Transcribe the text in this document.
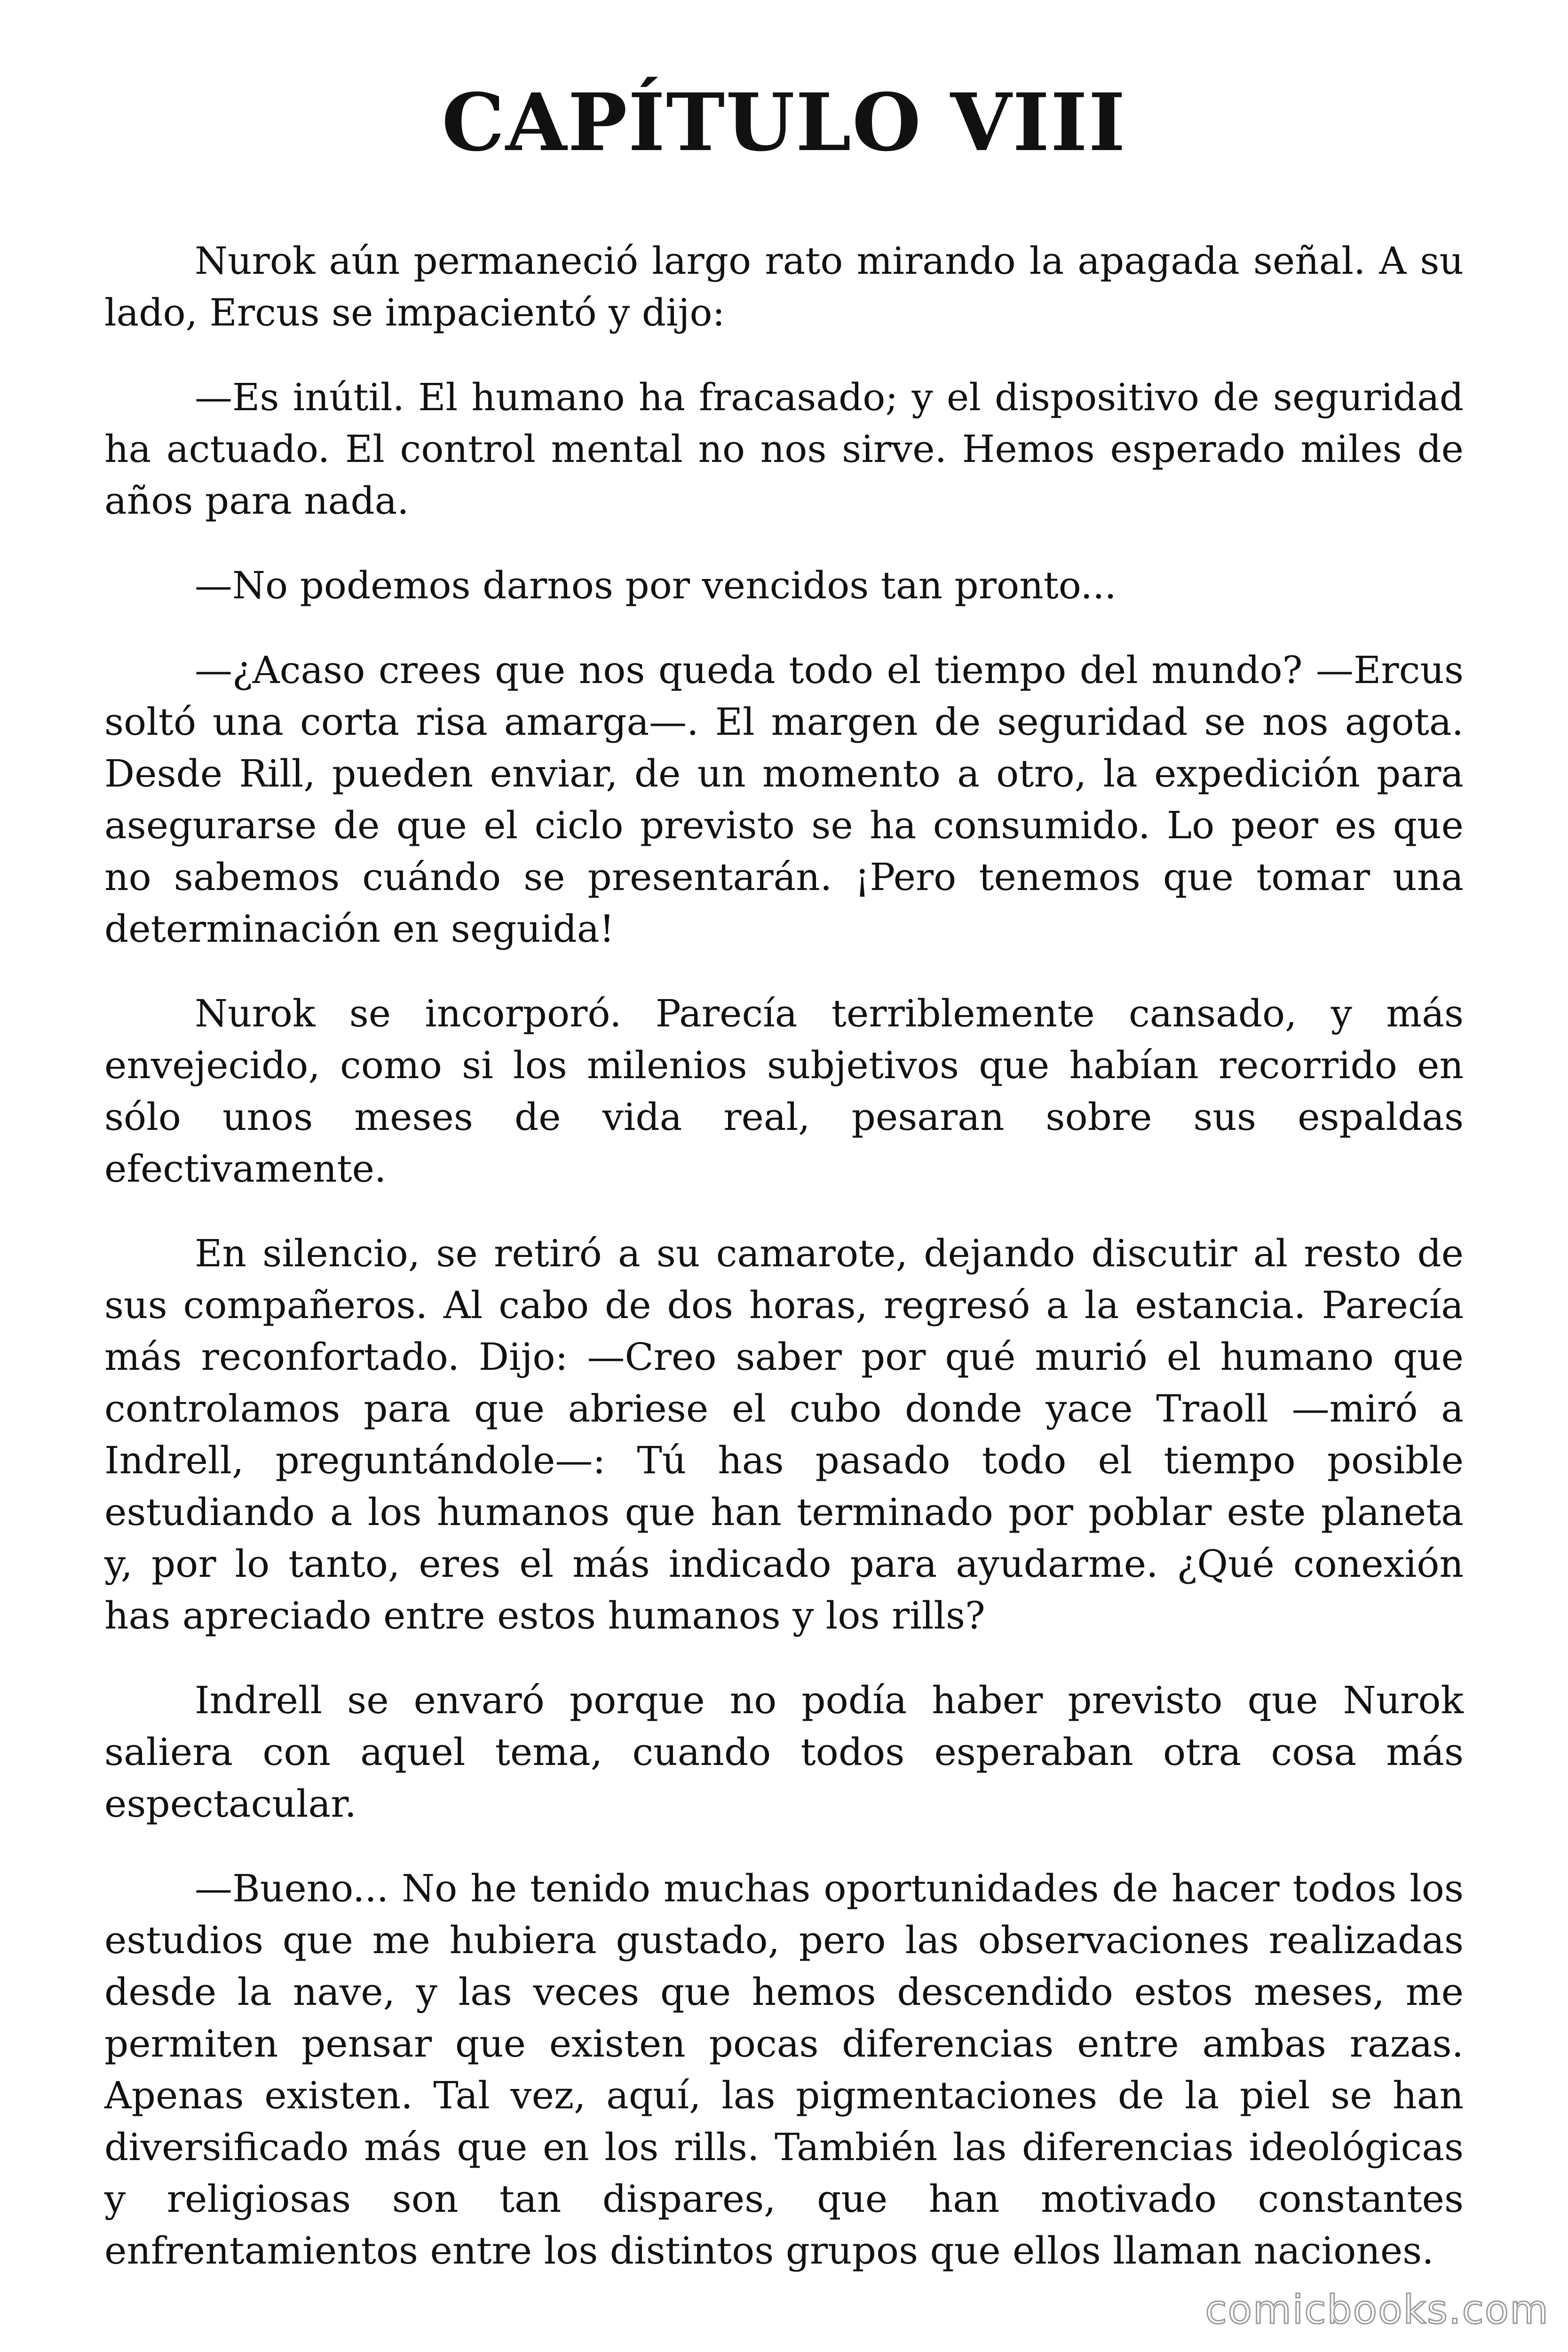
CAPÍTULO VIII

Nurok aún permaneció largo rato mirando la apagada señal. A su lado, Ercus se impacientó y dijo:

—Es inútil. El humano ha fracasado; y el dispositivo de seguridad ha actuado. El control mental no nos sirve. Hemos esperado miles de años para nada.

—No podemos darnos por vencidos tan pronto...

—¿Acaso crees que nos queda todo el tiempo del mundo? —Ercus soltó una corta risa amarga—. El margen de seguridad se nos agota. Desde Rill, pueden enviar, de un momento a otro, la expedición para asegurarse de que el ciclo previsto se ha consumido. Lo peor es que no sabemos cuándo se presentarán. ¡Pero tenemos que tomar una determinación en seguida!

Nurok se incorporó. Parecía terriblemente cansado, y más envejecido, como si los milenios subjetivos que habían recorrido en sólo unos meses de vida real, pesaran sobre sus espaldas efectivamente.

En silencio, se retiró a su camarote, dejando discutir al resto de sus compañeros. Al cabo de dos horas, regresó a la estancia. Parecía más reconfortado. Dijo: —Creo saber por qué murió el humano que controlamos para que abriese el cubo donde yace Traoll —miró a Indrell, preguntándole—: Tú has pasado todo el tiempo posible estudiando a los humanos que han terminado por poblar este planeta y, por lo tanto, eres el más indicado para ayudarme. ¿Qué conexión has apreciado entre estos humanos y los rills?

Indrell se envaró porque no podía haber previsto que Nurok saliera con aquel tema, cuando todos esperaban otra cosa más espectacular.

—Bueno... No he tenido muchas oportunidades de hacer todos los estudios que me hubiera gustado, pero las observaciones realizadas desde la nave, y las veces que hemos descendido estos meses, me permiten pensar que existen pocas diferencias entre ambas razas. Apenas existen. Tal vez, aquí, las pigmentaciones de la piel se han diversificado más que en los rills. También las diferencias ideológicas y religiosas son tan dispares, que han motivado constantes enfrentamientos entre los distintos grupos que ellos llaman naciones.

comicbooks.com
